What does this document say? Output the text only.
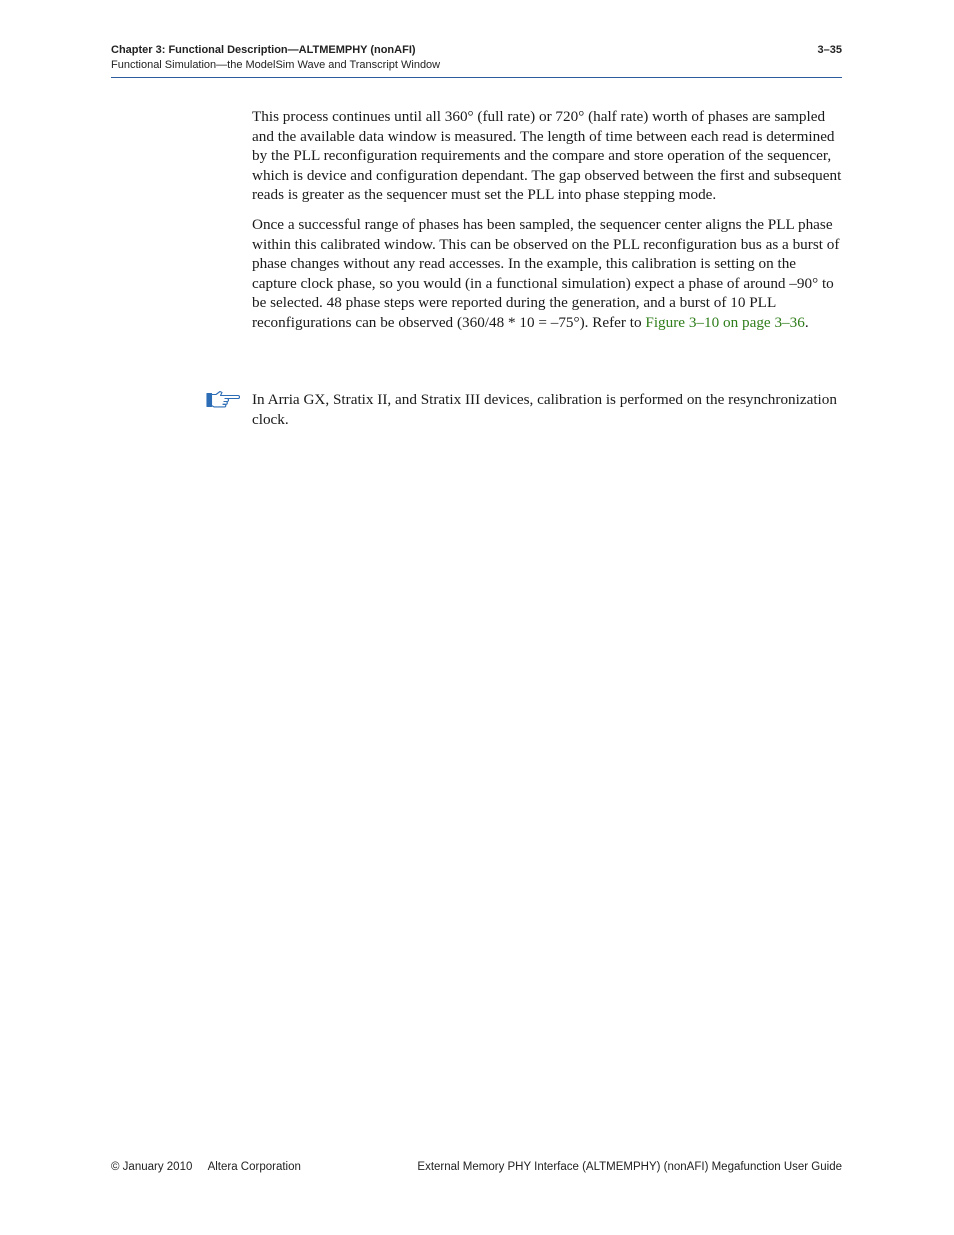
Chapter 3: Functional Description—ALTMEMPHY (nonAFI)	3–35
Functional Simulation—the ModelSim Wave and Transcript Window

This process continues until all 360° (full rate) or 720° (half rate) worth of phases are sampled and the available data window is measured. The length of time between each read is determined by the PLL reconfiguration requirements and the compare and store operation of the sequencer, which is device and configuration dependant. The gap observed between the first and subsequent reads is greater as the sequencer must set the PLL into phase stepping mode.

Once a successful range of phases has been sampled, the sequencer center aligns the PLL phase within this calibrated window. This can be observed on the PLL reconfiguration bus as a burst of phase changes without any read accesses. In the example, this calibration is setting on the capture clock phase, so you would (in a functional simulation) expect a phase of around –90° to be selected. 48 phase steps were reported during the generation, and a burst of 10 PLL reconfigurations can be observed (360/48 * 10 = –75°). Refer to Figure 3–10 on page 3–36.

In Arria GX, Stratix II, and Stratix III devices, calibration is performed on the resynchronization clock.
© January 2010 Altera Corporation	External Memory PHY Interface (ALTMEMPHY) (nonAFI) Megafunction User Guide
